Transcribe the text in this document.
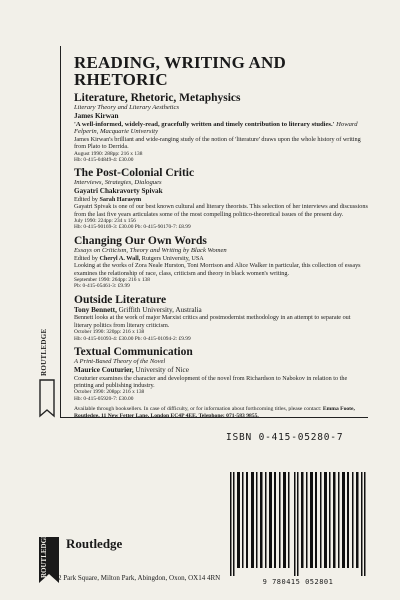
READING, WRITING AND RHETORIC
Literature, Rhetoric, Metaphysics
Literary Theory and Literary Aesthetics
James Kirwan
'A well-informed, widely-read, gracefully written and timely contribution to literary studies.' Howard Felperin, Macquarie University
James Kirwan's brilliant and wide-ranging study of the notion of 'literature' draws upon the whole history of writing from Plato to Derrida.
August 1990: 288pp: 216 x 138
Hb: 0-415-04849-4: £30.00
The Post-Colonial Critic
Interviews, Strategies, Dialogues
Gayatri Chakravorty Spivak
Edited by Sarah Harasym
Gayatri Spivak is one of our best known cultural and literary theorists. This selection of her interviews and discussions from the last five years articulates some of the most compelling politico-theoretical issues of the present day.
July 1990: 224pp: 234 x 156
Hb: 0-415-90169-3: £30.00 Pb: 0-415-90170-7: £8.99
Changing Our Own Words
Essays on Criticism, Theory and Writing by Black Women
Edited by Cheryl A. Wall, Rutgers University, USA
Looking at the works of Zora Neale Hurston, Toni Morrison and Alice Walker in particular, this collection of essays examines the relationship of race, class, criticism and theory in black women's writing.
September 1990: 264pp: 216 x 138
Pb: 0-415-05461-3: £9.99
Outside Literature
Tony Bennett, Griffith University, Australia
Bennett looks at the work of major Marxist critics and postmodernist methodology in an attempt to separate out literary politics from literary criticism.
October 1990: 320pp: 216 x 138
Hb: 0-415-01093-4: £30.00 Pb: 0-415-01094-2: £9.99
Textual Communication
A Print-Based Theory of the Novel
Maurice Couturier, University of Nice
Couturier examines the character and development of the novel from Richardson to Nabokov in relation to the printing and publishing industry.
October 1990: 208pp: 216 x 138
Hb: 0-415-05920-7: £30.00
Available through booksellers. In case of difficulty, or for information about forthcoming titles, please contact: Emma Foote, Routledge, 11 New Fetter Lane, London EC4P 4EE. Telephone: 071-583 9855.
ROUTLEDGE
ISBN 0-415-05280-7
9 780415 052801
ROUTLEDGE	Routledge
2 Park Square, Milton Park, Abingdon, Oxon, OX14 4RN
